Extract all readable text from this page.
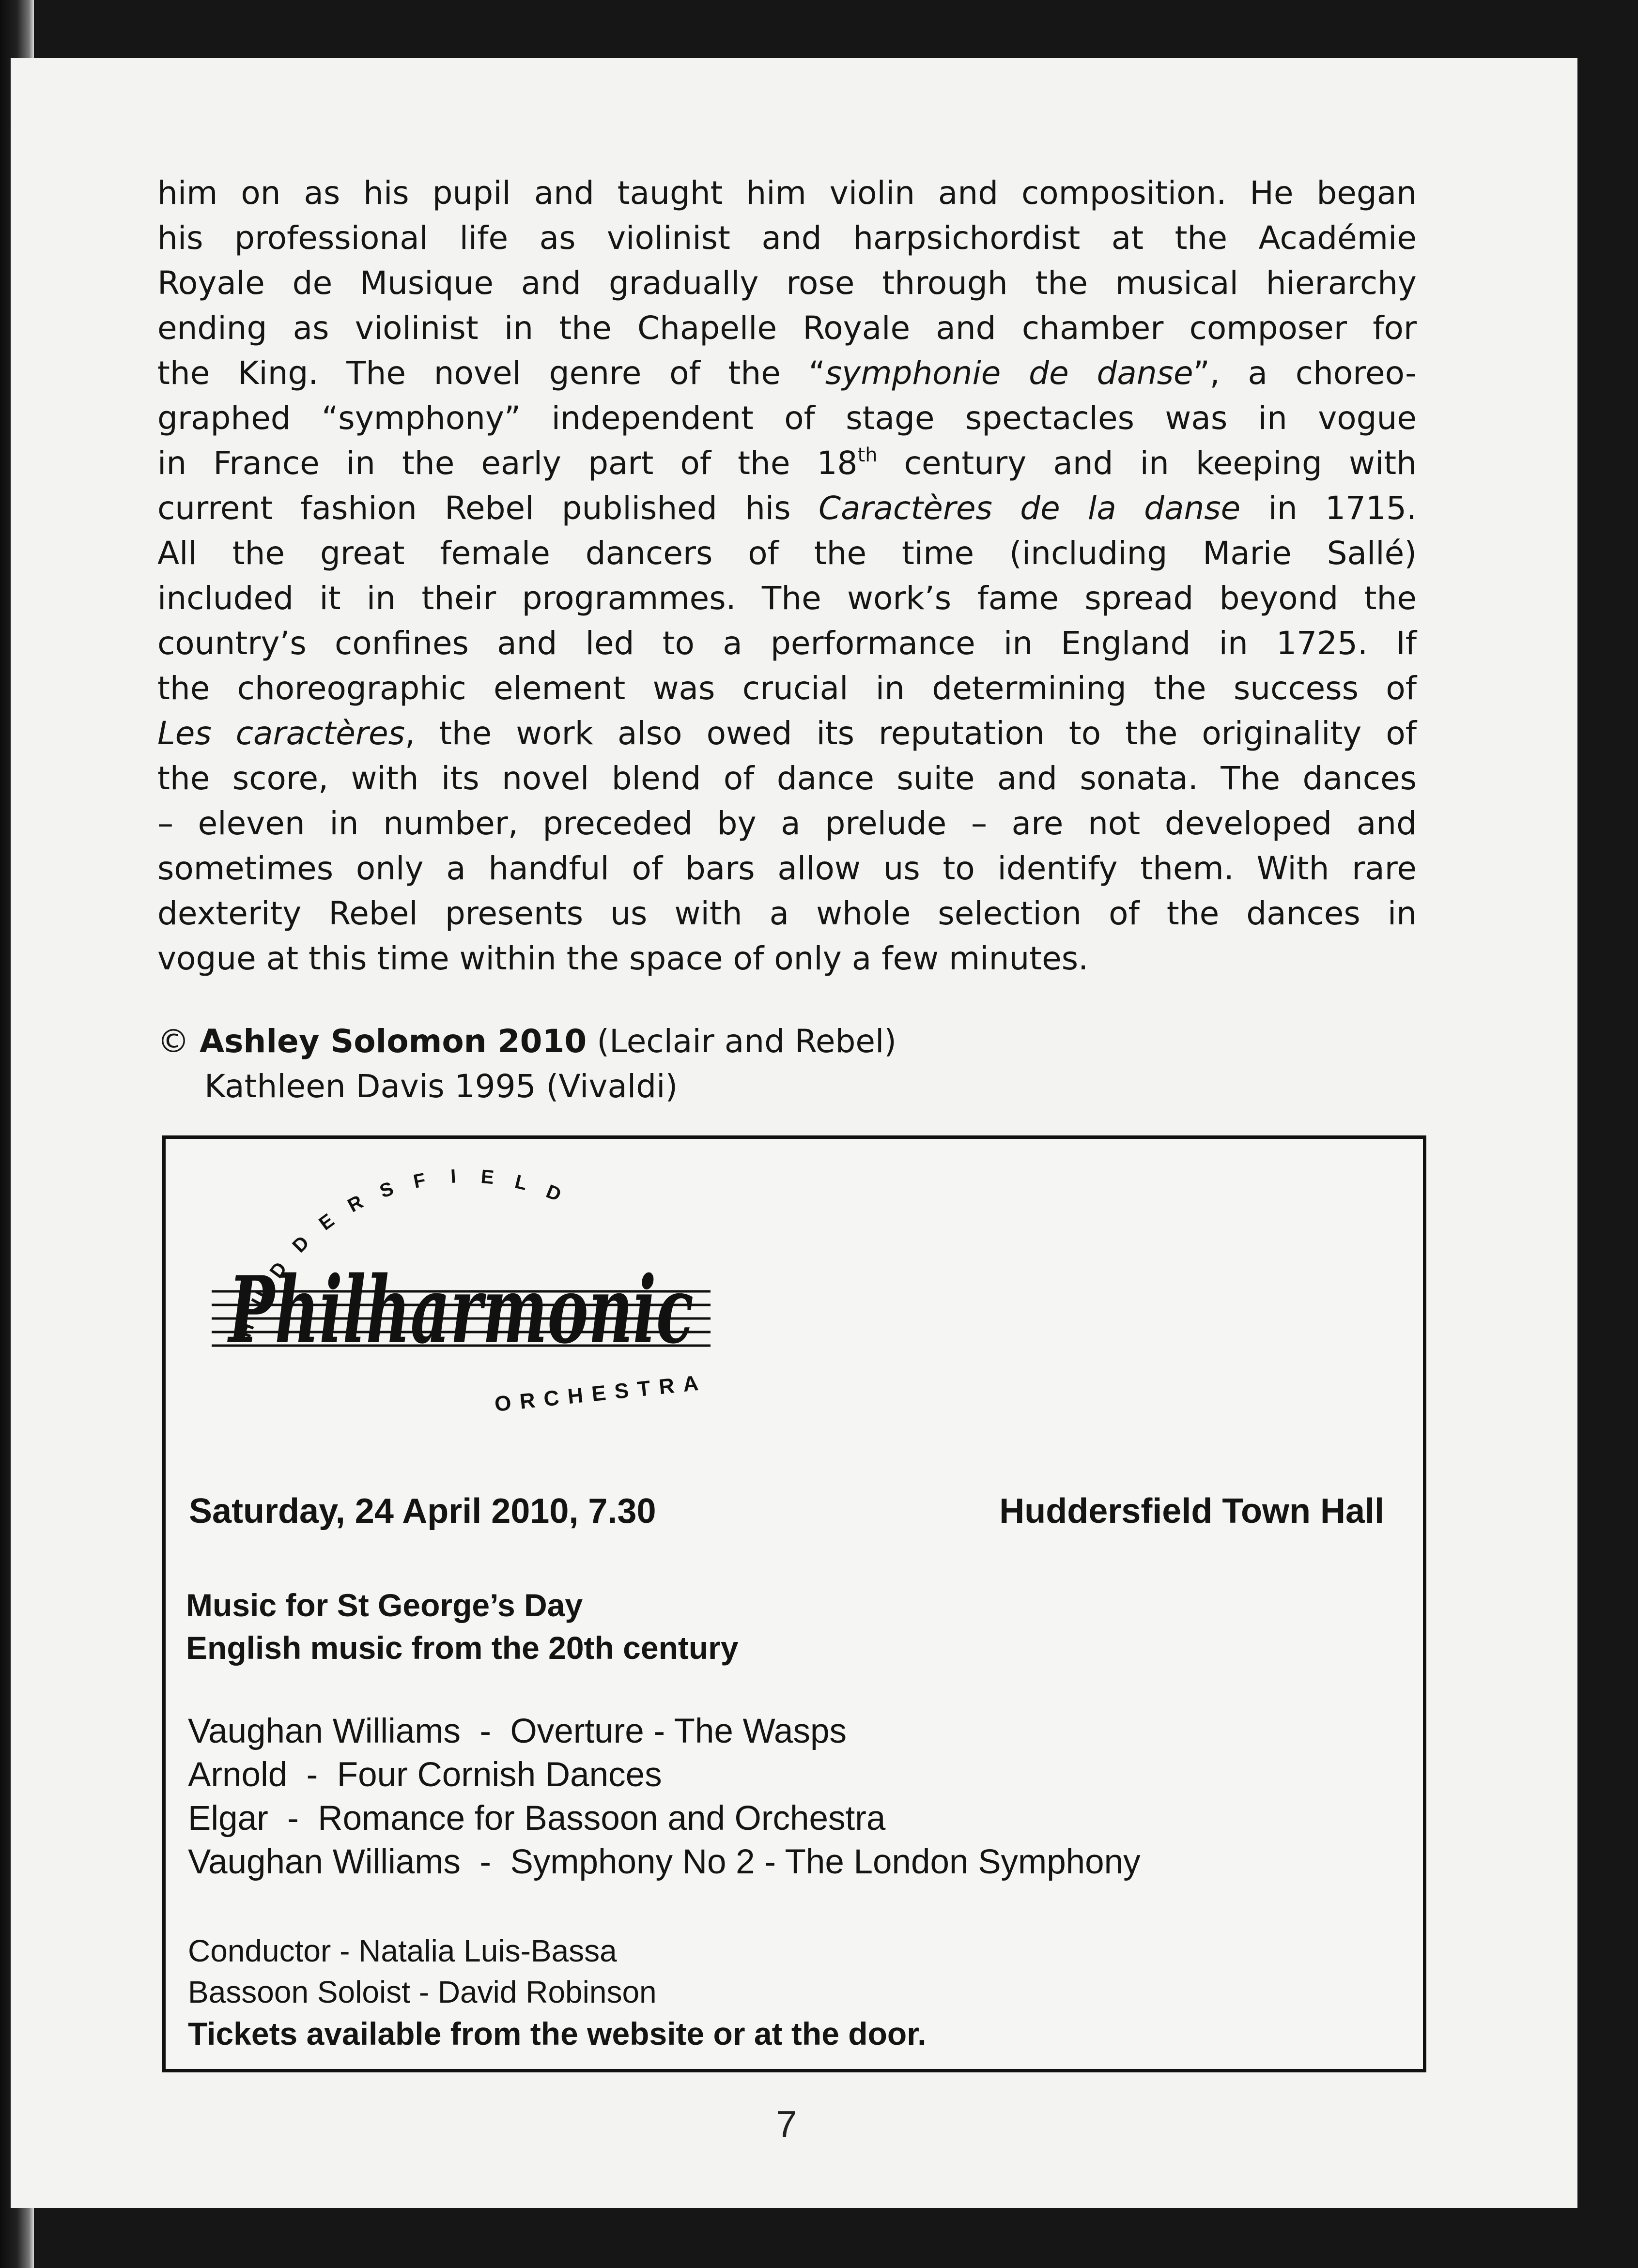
him on as his pupil and taught him violin and composition. He began
his professional life as violinist and harpsichordist at the Académie
Royale de Musique and gradually rose through the musical hierarchy
ending as violinist in the Chapelle Royale and chamber composer for
the King. The novel genre of the “symphonie de danse”, a choreo-
graphed “symphony” independent of stage spectacles was in vogue
in France in the early part of the 18th century and in keeping with
current fashion Rebel published his Caractères de la danse in 1715.
All the great female dancers of the time (including Marie Sallé)
included it in their programmes. The work’s fame spread beyond the
country’s confines and led to a performance in England in 1725. If
the choreographic element was crucial in determining the success of
Les caractères, the work also owed its reputation to the originality of
the score, with its novel blend of dance suite and sonata. The dances
– eleven in number, preceded by a prelude – are not developed and
sometimes only a handful of bars allow us to identify them. With rare
dexterity Rebel presents us with a whole selection of the dances in
vogue at this time within the space of only a few minutes.
© Ashley Solomon 2010 (Leclair and Rebel)
Kathleen Davis 1995 (Vivaldi)
H
U
D
D
E
R
S F I E L D
Philharmonic
ORCHESTRA
Saturday, 24 April 2010, 7.30	Huddersfield Town Hall
Music for St George’s Day
English music from the 20th century
Vaughan Williams  -  Overture - The Wasps
Arnold  -  Four Cornish Dances
Elgar  -  Romance for Bassoon and Orchestra
Vaughan Williams  -  Symphony No 2 - The London Symphony
Conductor - Natalia Luis-Bassa
Bassoon Soloist - David Robinson
Tickets available from the website or at the door.
7
